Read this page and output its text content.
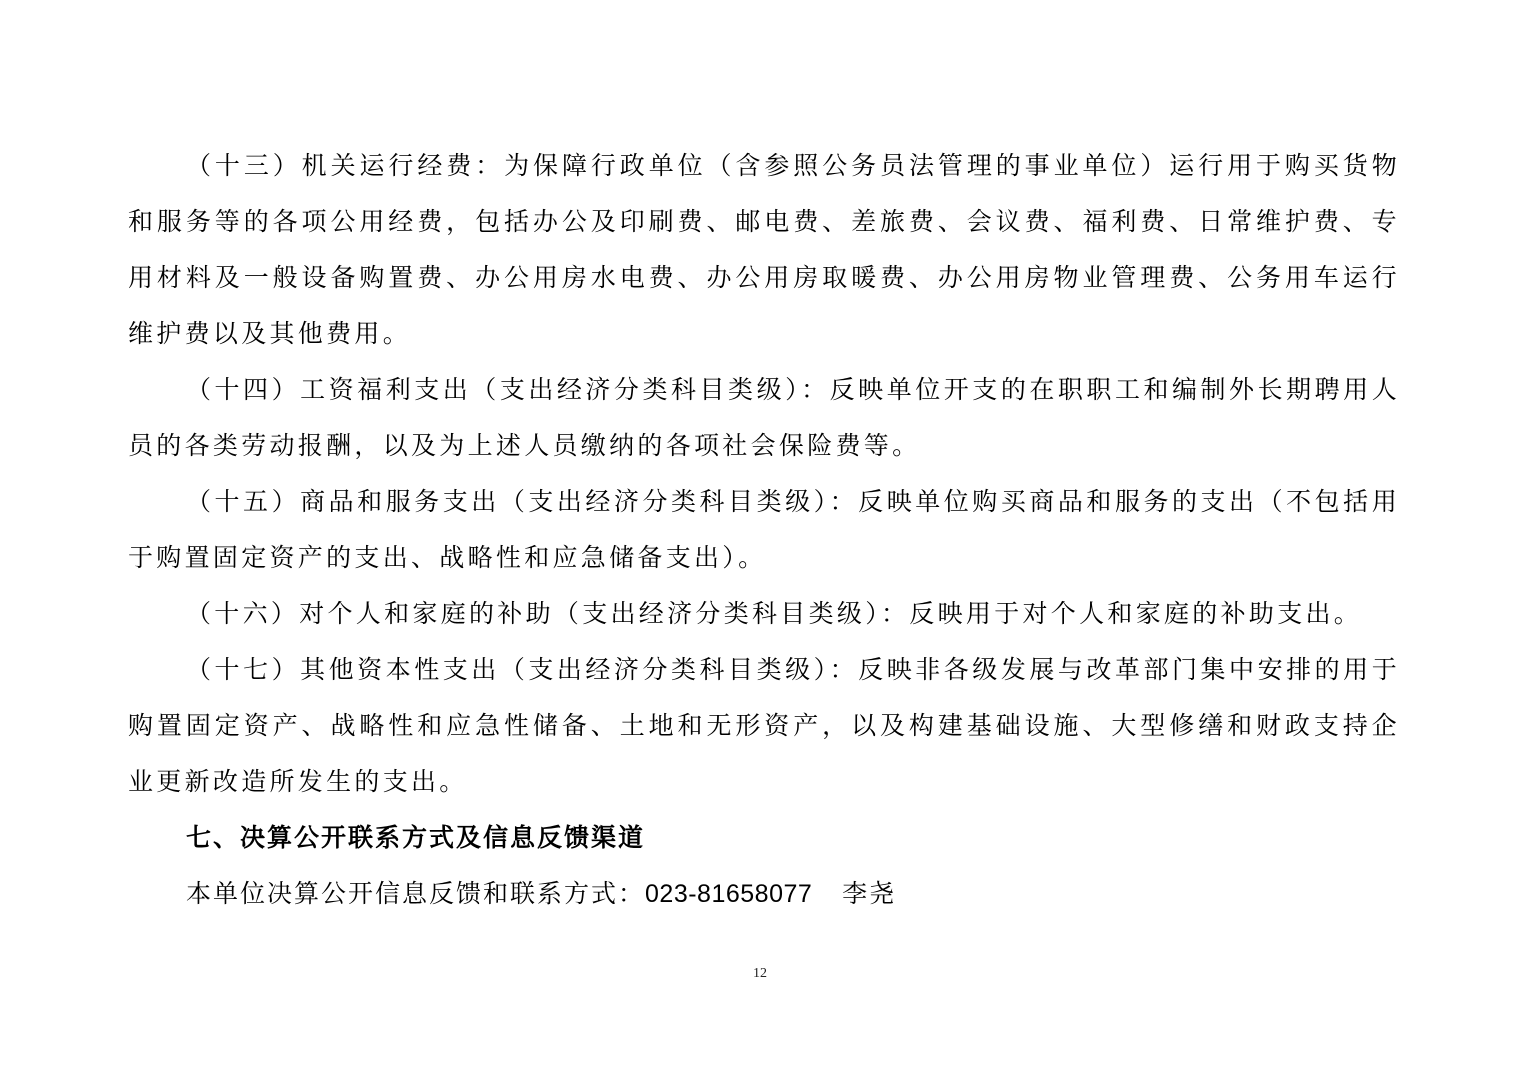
（十三）机关运行经费：为保障行政单位（含参照公务员法管理的事业单位）运行用于购买货物和服务等的各项公用经费，包括办公及印刷费、邮电费、差旅费、会议费、福利费、日常维护费、专用材料及一般设备购置费、办公用房水电费、办公用房取暖费、办公用房物业管理费、公务用车运行维护费以及其他费用。

（十四）工资福利支出（支出经济分类科目类级）：反映单位开支的在职职工和编制外长期聘用人员的各类劳动报酬，以及为上述人员缴纳的各项社会保险费等。

（十五）商品和服务支出（支出经济分类科目类级）：反映单位购买商品和服务的支出（不包括用于购置固定资产的支出、战略性和应急储备支出）。

（十六）对个人和家庭的补助（支出经济分类科目类级）：反映用于对个人和家庭的补助支出。

（十七）其他资本性支出（支出经济分类科目类级）：反映非各级发展与改革部门集中安排的用于购置固定资产、战略性和应急性储备、土地和无形资产，以及构建基础设施、大型修缮和财政支持企业更新改造所发生的支出。

七、决算公开联系方式及信息反馈渠道

本单位决算公开信息反馈和联系方式：023-81658077 李尧

12
